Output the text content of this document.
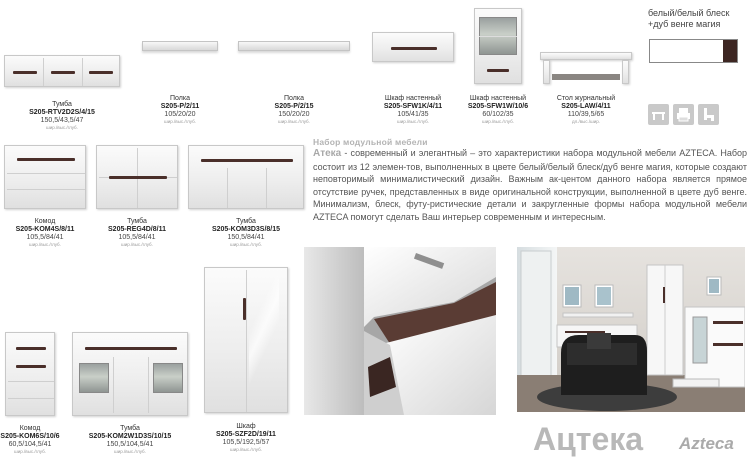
Тумба
S205-RTV2D2S/4/15
150,5/43,5/47
шир./выс./глуб.
Полка
S205-P/2/11
105/20/20
шир./выс./глуб.
Полка
S205-P/2/15
150/20/20
шир./выс./глуб.
Шкаф настенный
S205-SFW1K/4/11
105/41/35
шир./выс./глуб.
Шкаф настенный
S205-SFW1W/10/6
60/102/35
шир./выс./глуб.
Стол журнальный
S205-LAW/4/11
110/39,5/65
дл./выс./шир.
белый/белый блеск
+дуб венге магия
Комод
S205-KOM4S/8/11
105,5/84/41
шир./выс./глуб.
Тумба
S205-REG4D/8/11
105,5/84/41
шир./выс./глуб.
Тумба
S205-KOM3D3S/8/15
150,5/84/41
шир./выс./глуб.
Набор модульной мебели
Aтeкa - современный и элегантный – это характеристики набора модульной мебели AZTECA. Набор состоит из 12 элемен-тов, выполненных в цвете белый/белый блеск/дуб венге магия, которые создают неповторимый минималистический дизайн. Важным ак-центом данного набора является прямое отсутствие ручек, представленных в виде оригинальной конструкции, выполненной в цвете дуб венге. Минимализм, блеск, футу-ристические детали и закругленные формы набора модульной мебели AZTECA помогут сделать Ваш интерьер современным и интересным.
Шкаф
S205-SZF2D/19/11
105,5/192,5/57
шир./выс./глуб.
Комод
S205-KOM6S/10/6
60,5/104,5/41
шир./выс./глуб.
Тумба
S205-KOM2W1D3S/10/15
150,5/104,5/41
шир./выс./глуб.	Ацтека Azteca
